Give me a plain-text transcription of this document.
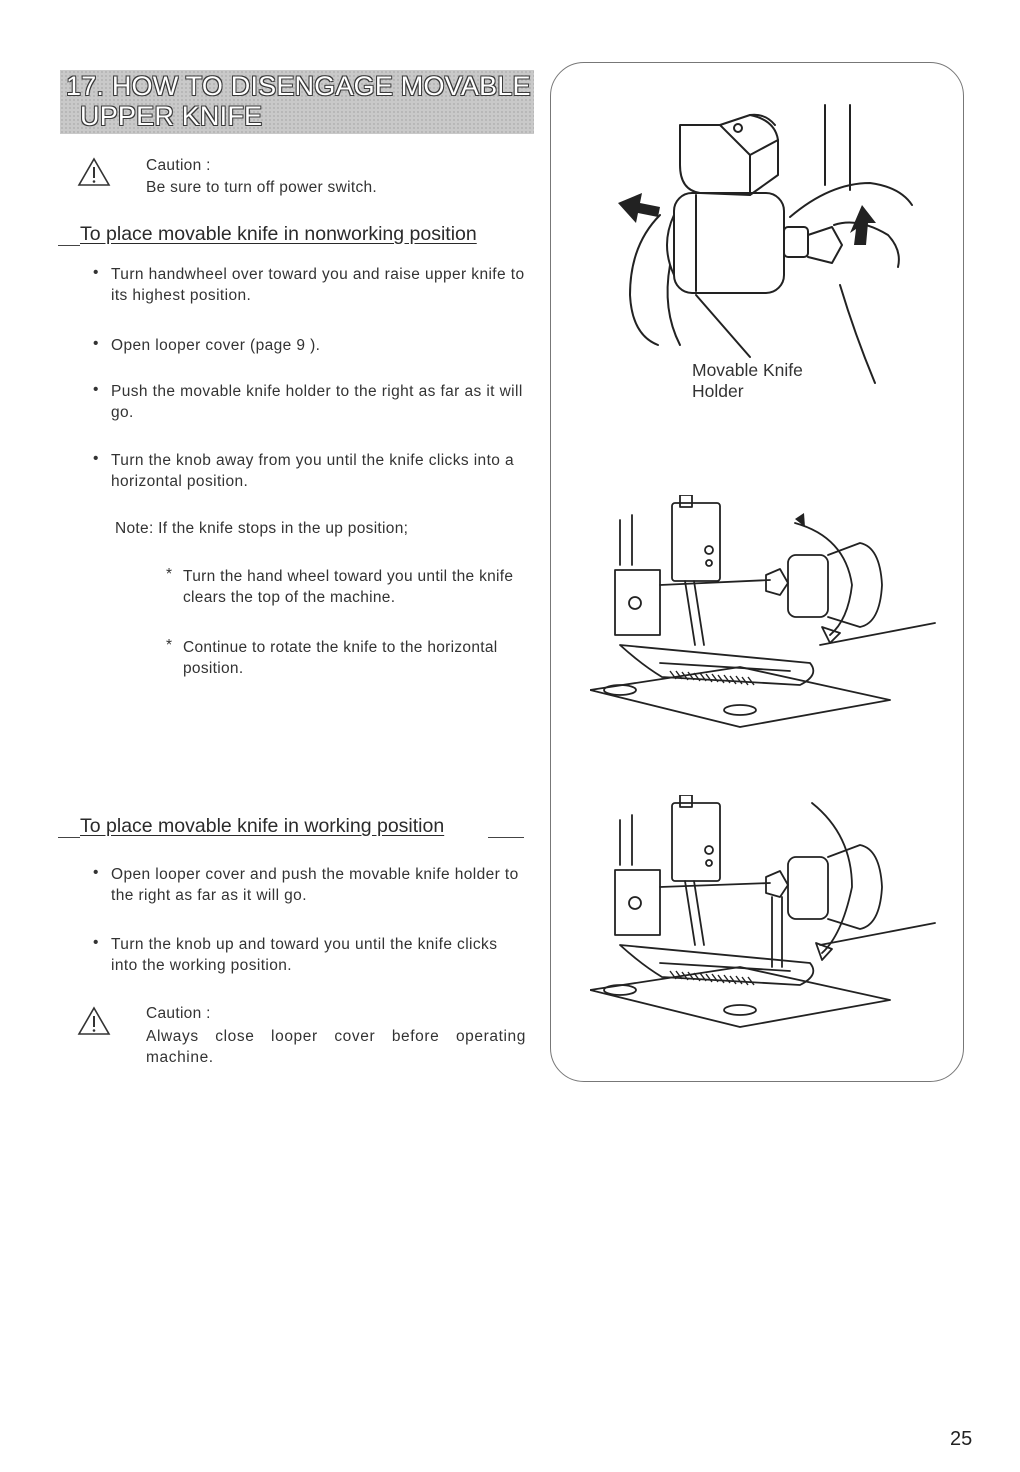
17. HOW TO DISENGAGE MOVABLE
UPPER KNIFE
Caution :
Be sure to turn off power switch.
To place movable knife in nonworking position
• Turn handwheel over toward you and raise upper knife to its highest position.
• Open looper cover (page 9 ).
• Push the movable knife holder to the right as far as it will go.
• Turn the knob away from you until the knife clicks into a horizontal position.
Note: If the knife stops in the up position;
* Turn the hand wheel toward you until the knife clears the top of the machine.
* Continue to rotate the knife to the horizontal position.
To place movable knife in working position
• Open looper cover and push the movable knife holder to the right as far as it will go.
• Turn the knob up and toward you until the knife clicks into the working position.
Caution :
Always close looper cover before operating machine.
Movable Knife
Holder
25
